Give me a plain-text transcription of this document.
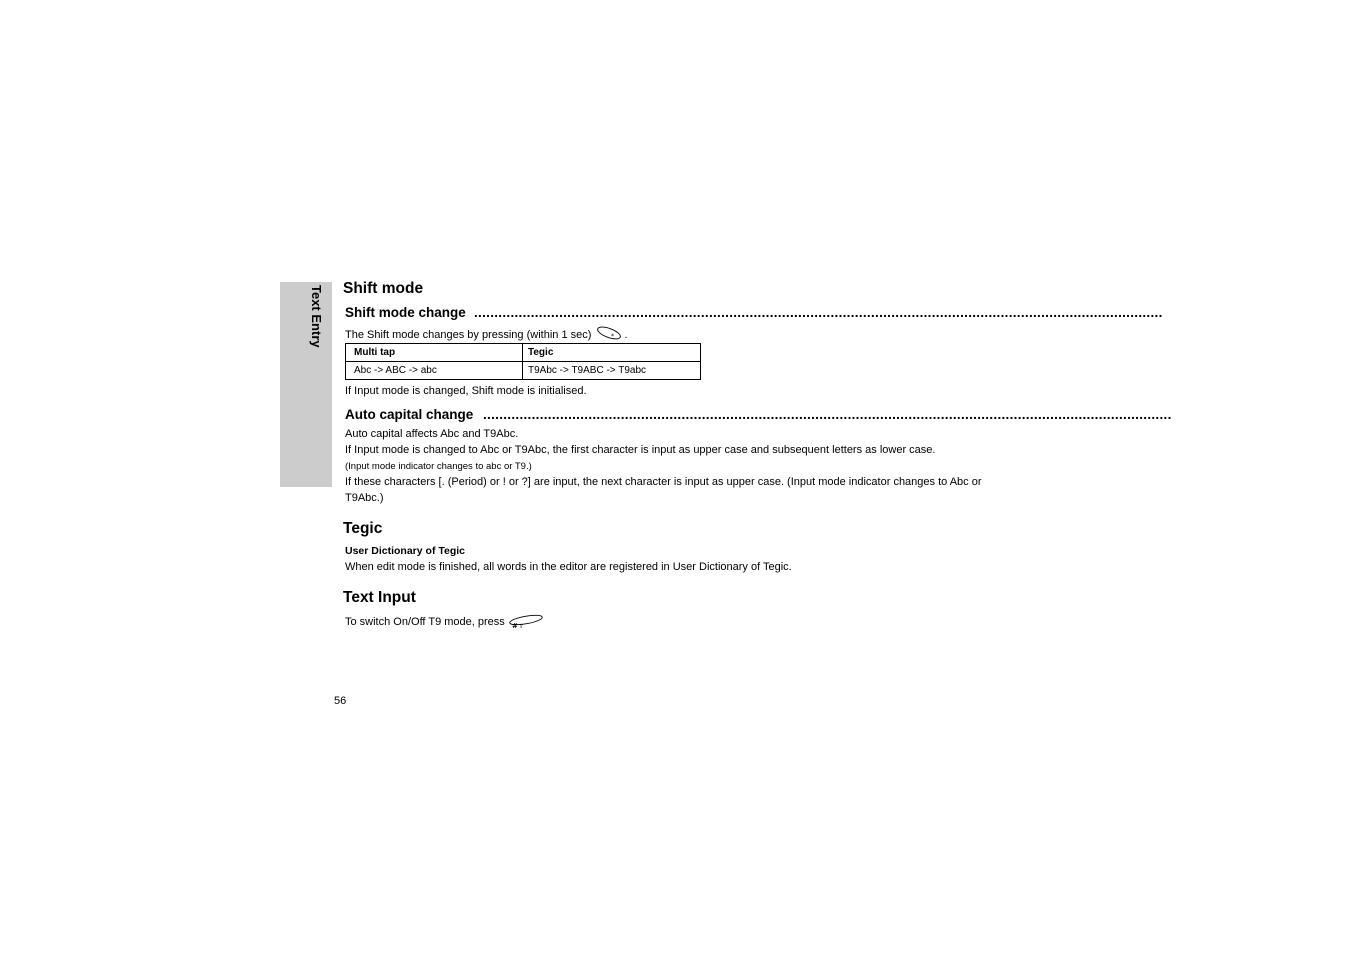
Text Entry Shift mode
Shift mode change ..........................................................................................................................................................................
The Shift mode changes by pressing (within 1 sec)	* .
Multi tap	Tegic
Abc -> ABC -> abc	T9Abc -> T9ABC -> T9abc
If Input mode is changed, Shift mode is initialised.
Auto capital change ..........................................................................................................................................................................
Auto capital affects Abc and T9Abc.
If Input mode is changed to Abc or T9Abc, the first character is input as upper case and subsequent letters as lower case.
(Input mode indicator changes to abc or T9.)
If these characters [. (Period) or ! or ?] are input, the next character is input as upper case. (Input mode indicator changes to Abc or
T9Abc.)
Tegic
User Dictionary of Tegic
When edit mode is finished, all words in the editor are registered in User Dictionary of Tegic.
Text Input
To switch On/Off T9 mode, press # ⇧
56
